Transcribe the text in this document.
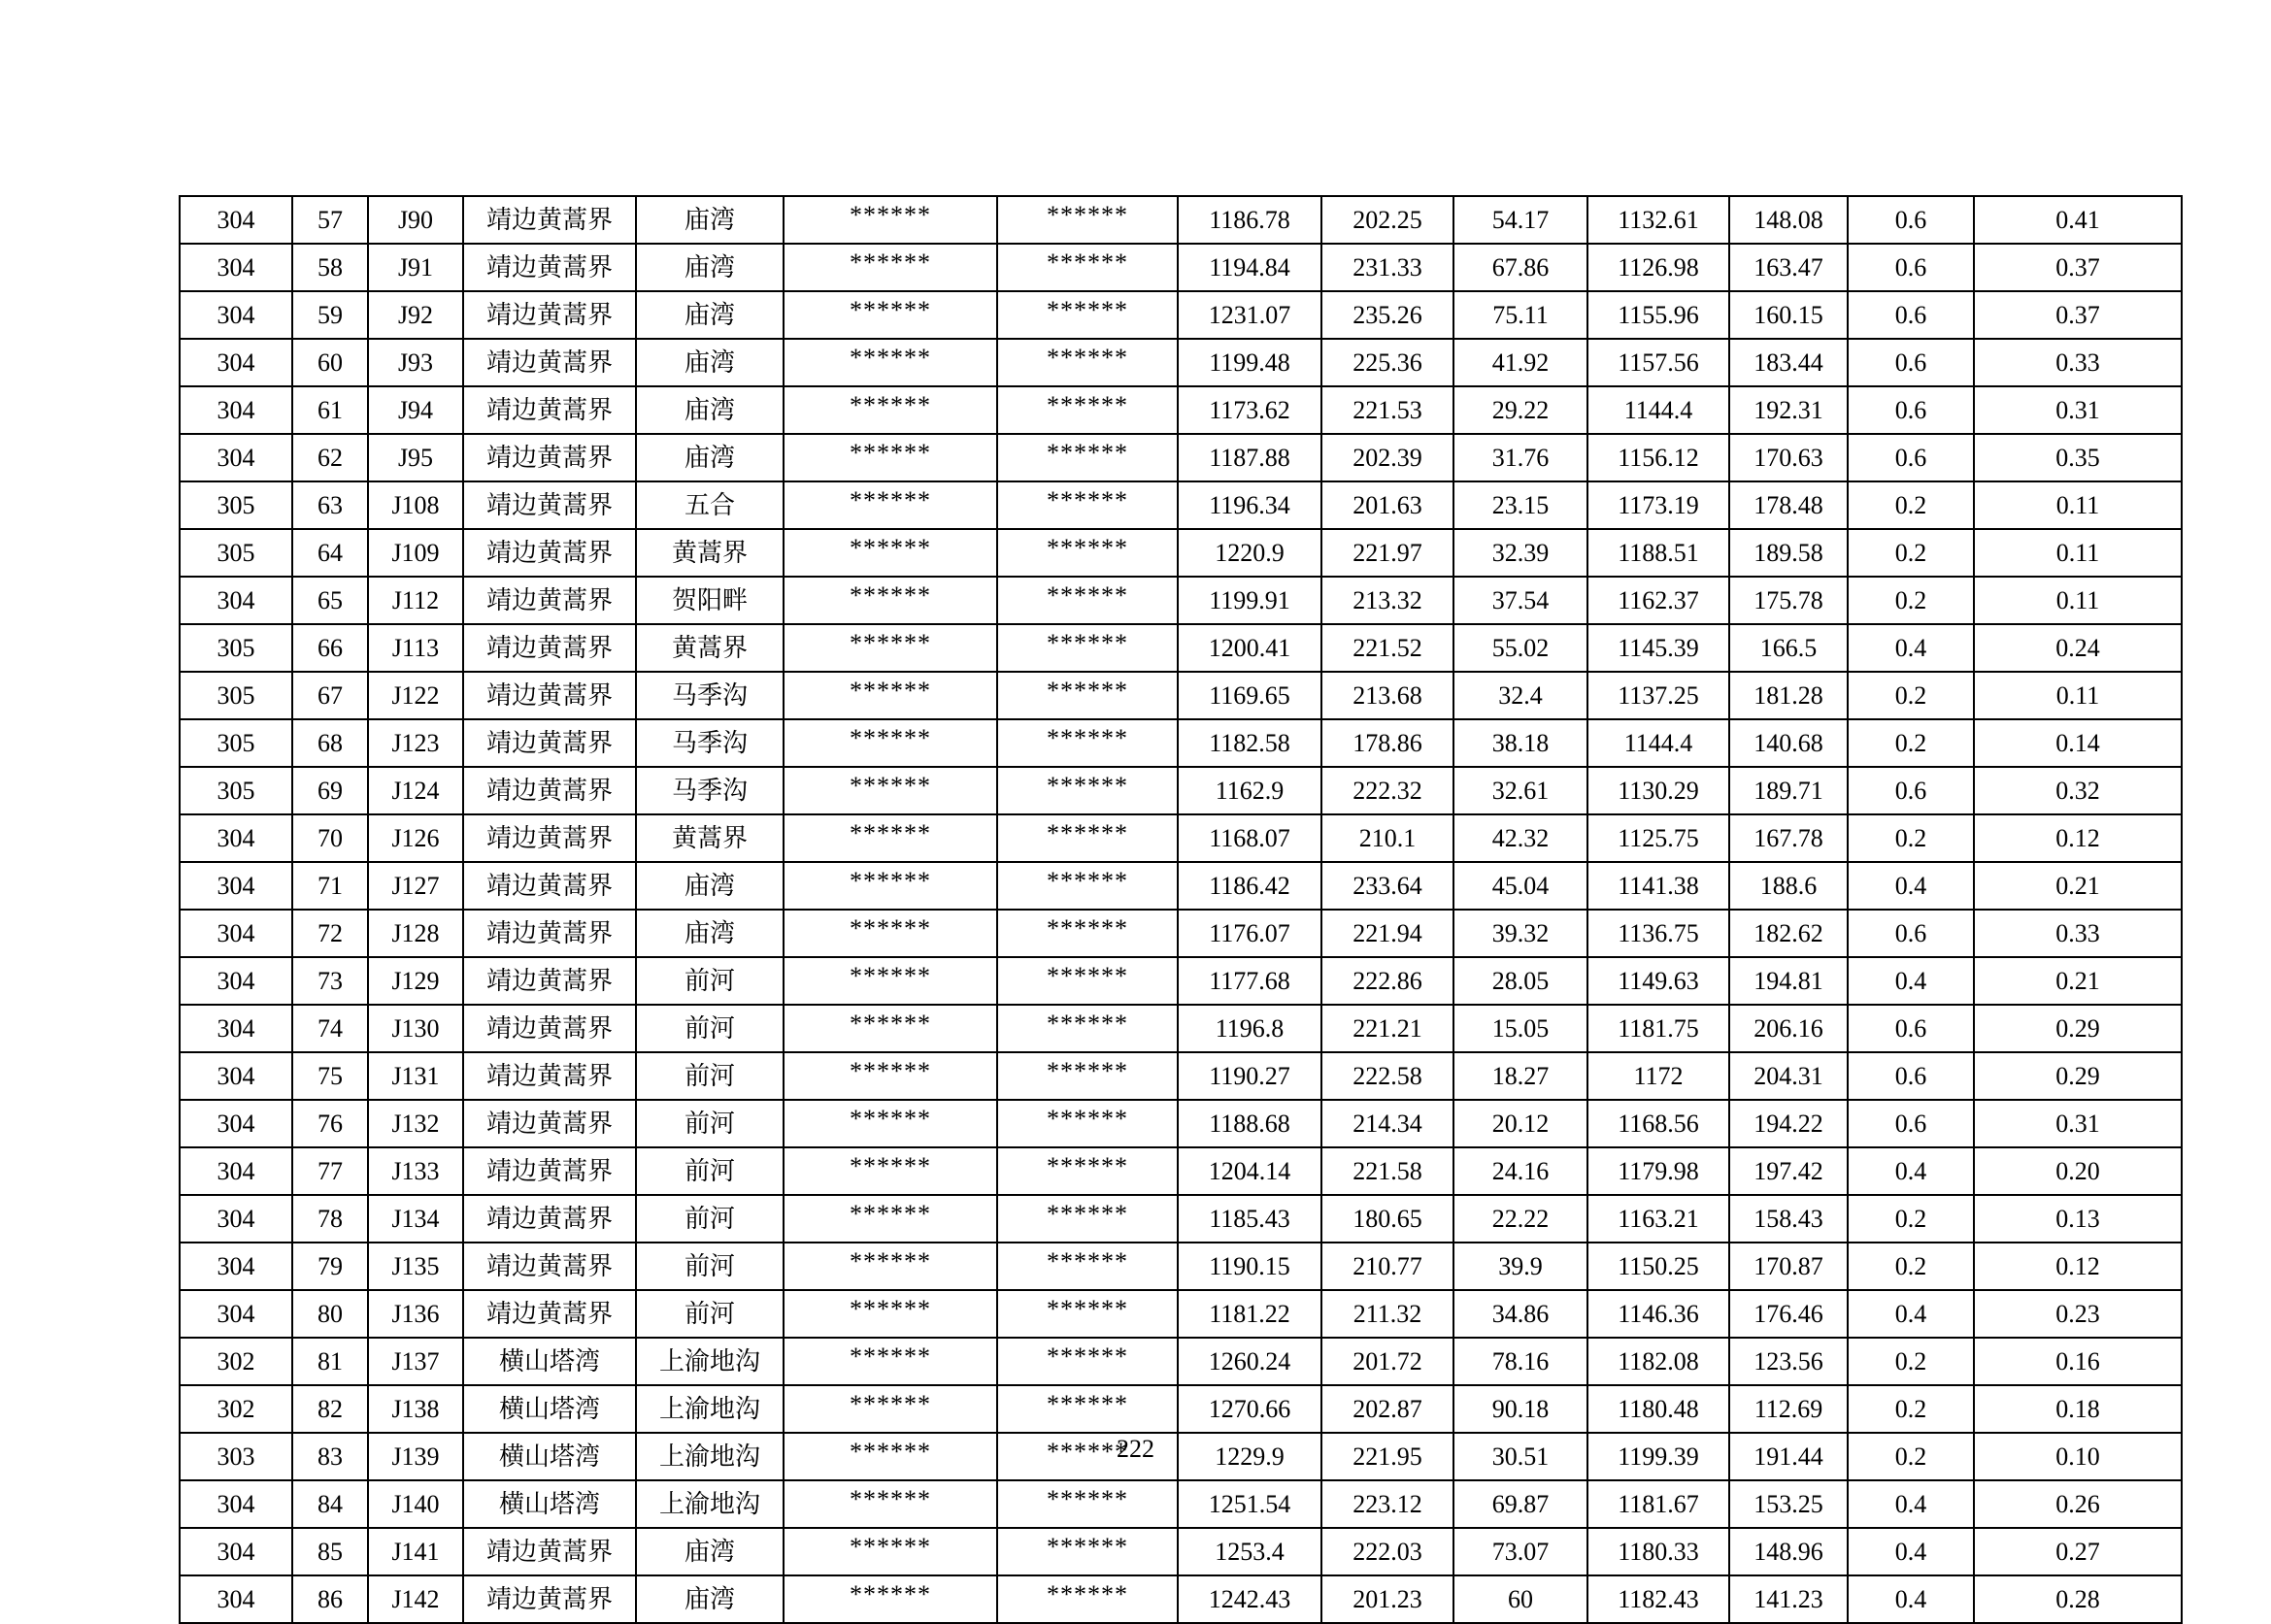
304	57	J90	靖边黄蒿界	庙湾	******	******	1186.78	202.25	54.17	1132.61	148.08	0.6	0.41
304	58	J91	靖边黄蒿界	庙湾	******	******	1194.84	231.33	67.86	1126.98	163.47	0.6	0.37
304	59	J92	靖边黄蒿界	庙湾	******	******	1231.07	235.26	75.11	1155.96	160.15	0.6	0.37
304	60	J93	靖边黄蒿界	庙湾	******	******	1199.48	225.36	41.92	1157.56	183.44	0.6	0.33
304	61	J94	靖边黄蒿界	庙湾	******	******	1173.62	221.53	29.22	1144.4	192.31	0.6	0.31
304	62	J95	靖边黄蒿界	庙湾	******	******	1187.88	202.39	31.76	1156.12	170.63	0.6	0.35
305	63	J108	靖边黄蒿界	五合	******	******	1196.34	201.63	23.15	1173.19	178.48	0.2	0.11
305	64	J109	靖边黄蒿界	黄蒿界	******	******	1220.9	221.97	32.39	1188.51	189.58	0.2	0.11
304	65	J112	靖边黄蒿界	贺阳畔	******	******	1199.91	213.32	37.54	1162.37	175.78	0.2	0.11
305	66	J113	靖边黄蒿界	黄蒿界	******	******	1200.41	221.52	55.02	1145.39	166.5	0.4	0.24
305	67	J122	靖边黄蒿界	马季沟	******	******	1169.65	213.68	32.4	1137.25	181.28	0.2	0.11
305	68	J123	靖边黄蒿界	马季沟	******	******	1182.58	178.86	38.18	1144.4	140.68	0.2	0.14
305	69	J124	靖边黄蒿界	马季沟	******	******	1162.9	222.32	32.61	1130.29	189.71	0.6	0.32
304	70	J126	靖边黄蒿界	黄蒿界	******	******	1168.07	210.1	42.32	1125.75	167.78	0.2	0.12
304	71	J127	靖边黄蒿界	庙湾	******	******	1186.42	233.64	45.04	1141.38	188.6	0.4	0.21
304	72	J128	靖边黄蒿界	庙湾	******	******	1176.07	221.94	39.32	1136.75	182.62	0.6	0.33
304	73	J129	靖边黄蒿界	前河	******	******	1177.68	222.86	28.05	1149.63	194.81	0.4	0.21
304	74	J130	靖边黄蒿界	前河	******	******	1196.8	221.21	15.05	1181.75	206.16	0.6	0.29
304	75	J131	靖边黄蒿界	前河	******	******	1190.27	222.58	18.27	1172	204.31	0.6	0.29
304	76	J132	靖边黄蒿界	前河	******	******	1188.68	214.34	20.12	1168.56	194.22	0.6	0.31
304	77	J133	靖边黄蒿界	前河	******	******	1204.14	221.58	24.16	1179.98	197.42	0.4	0.20
304	78	J134	靖边黄蒿界	前河	******	******	1185.43	180.65	22.22	1163.21	158.43	0.2	0.13
304	79	J135	靖边黄蒿界	前河	******	******	1190.15	210.77	39.9	1150.25	170.87	0.2	0.12
304	80	J136	靖边黄蒿界	前河	******	******	1181.22	211.32	34.86	1146.36	176.46	0.4	0.23
302	81	J137	横山塔湾	上渝地沟	******	******	1260.24	201.72	78.16	1182.08	123.56	0.2	0.16
302	82	J138	横山塔湾	上渝地沟	******	******	1270.66	202.87	90.18	1180.48	112.69	0.2	0.18
303	83	J139	横山塔湾	上渝地沟	******	******	1229.9	221.95	30.51	1199.39	191.44	0.2	0.10
304	84	J140	横山塔湾	上渝地沟	******	******	1251.54	223.12	69.87	1181.67	153.25	0.4	0.26
304	85	J141	靖边黄蒿界	庙湾	******	******	1253.4	222.03	73.07	1180.33	148.96	0.4	0.27
304	86	J142	靖边黄蒿界	庙湾	******	******	1242.43	201.23	60	1182.43	141.23	0.4	0.28
222
